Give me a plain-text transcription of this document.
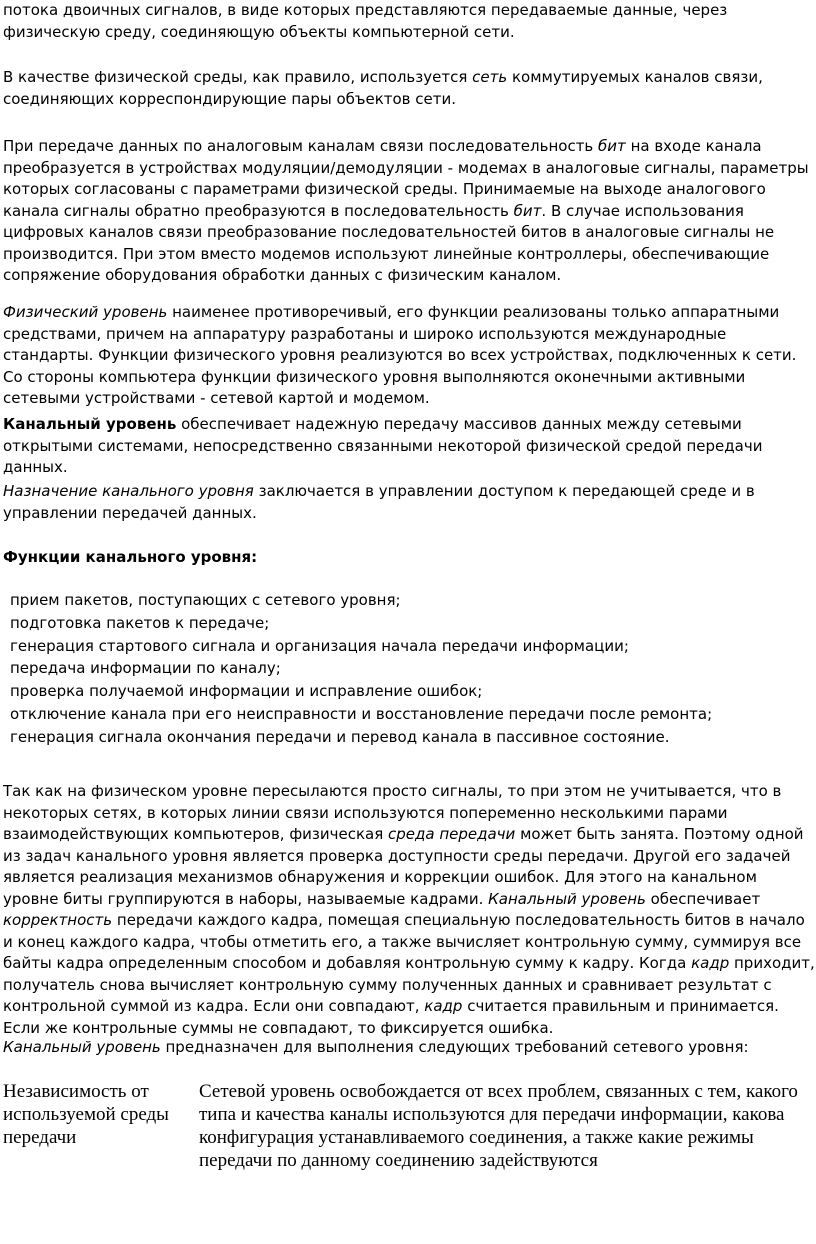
потока двоичных сигналов, в виде которых представляются передаваемые данные, через физическую среду, соединяющую объекты компьютерной сети.

В качестве физической среды, как правило, используется сеть коммутируемых каналов связи, соединяющих корреспондирующие пары объектов сети.

При передаче данных по аналоговым каналам связи последовательность бит на входе канала преобразуется в устройствах модуляции/демодуляции - модемах в аналоговые сигналы, параметры которых согласованы с параметрами физической среды. Принимаемые на выходе аналогового канала сигналы обратно преобразуются в последовательность бит. В случае использования цифровых каналов связи преобразование последовательностей битов в аналоговые сигналы не производится. При этом вместо модемов используют линейные контроллеры, обеспечивающие сопряжение оборудования обработки данных с физическим каналом.

Физический уровень наименее противоречивый, его функции реализованы только аппаратными средствами, причем на аппаратуру разработаны и широко используются международные стандарты. Функции физического уровня реализуются во всех устройствах, подключенных к сети. Со стороны компьютера функции физического уровня выполняются оконечными активными сетевыми устройствами - сетевой картой и модемом.

Канальный уровень обеспечивает надежную передачу массивов данных между сетевыми открытыми системами, непосредственно связанными некоторой физической средой передачи данных.

Назначение канального уровня заключается в управлении доступом к передающей среде и в управлении передачей данных.

Функции канального уровня:

прием пакетов, поступающих с сетевого уровня;
подготовка пакетов к передаче;
генерация стартового сигнала и организация начала передачи информации;
передача информации по каналу;
проверка получаемой информации и исправление ошибок;
отключение канала при его неисправности и восстановление передачи после ремонта;
генерация сигнала окончания передачи и перевод канала в пассивное состояние.

Так как на физическом уровне пересылаются просто сигналы, то при этом не учитывается, что в некоторых сетях, в которых линии связи используются попеременно несколькими парами взаимодействующих компьютеров, физическая среда передачи может быть занята. Поэтому одной из задач канального уровня является проверка доступности среды передачи. Другой его задачей является реализация механизмов обнаружения и коррекции ошибок. Для этого на канальном уровне биты группируются в наборы, называемые кадрами. Канальный уровень обеспечивает корректность передачи каждого кадра, помещая специальную последовательность битов в начало и конец каждого кадра, чтобы отметить его, а также вычисляет контрольную сумму, суммируя все байты кадра определенным способом и добавляя контрольную сумму к кадру. Когда кадр приходит, получатель снова вычисляет контрольную сумму полученных данных и сравнивает результат с контрольной суммой из кадра. Если они совпадают, кадр считается правильным и принимается. Если же контрольные суммы не совпадают, то фиксируется ошибка.

Канальный уровень предназначен для выполнения следующих требований сетевого уровня:

Независимость от используемой среды передачи
Сетевой уровень освобождается от всех проблем, связанных с тем, какого типа и качества каналы используются для передачи информации, какова конфигурация устанавливаемого соединения, а также какие режимы передачи по данному соединению задействуются
